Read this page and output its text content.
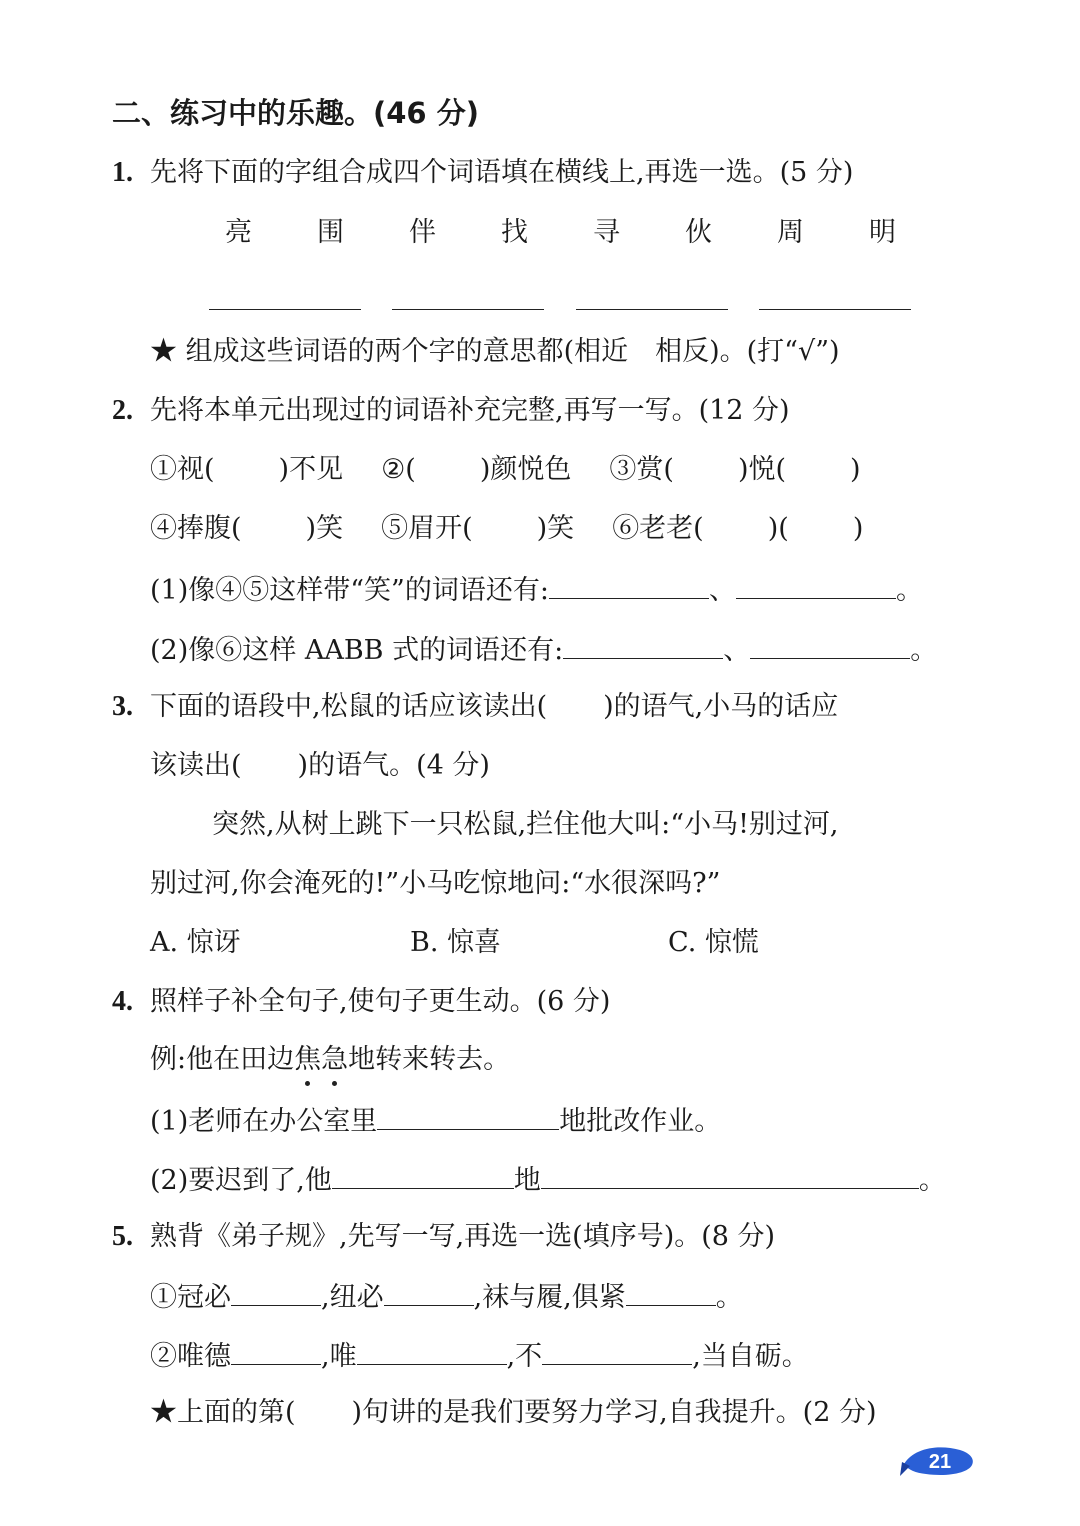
二、练习中的乐趣。(46 分)
1. 先将下面的字组合成四个词语填在横线上,再选一选。(5 分)
亮 围 伴 找 寻 伙 周 明
★ 组成这些词语的两个字的意思都(相近　相反)。(打“√”)
2. 先将本单元出现过的词语补充完整,再写一写。(12 分)
①视( )不见 ②( )颜悦色 ③赏( )悦( )
④捧腹( )笑 ⑤眉开( )笑 ⑥老老( )( )
(1)像④⑤这样带“笑”的词语还有:	、	。
(2)像⑥这样 AABB 式的词语还有:	、	。
3. 下面的语段中,松鼠的话应该读出( )的语气,小马的话应
该读出( )的语气。(4 分)
突然,从树上跳下一只松鼠,拦住他大叫:“小马!别过河,
别过河,你会淹死的!”小马吃惊地问:“水很深吗?”
A. 惊讶	B. 惊喜	C. 惊慌
4. 照样子补全句子,使句子更生动。(6 分)
例:他在田边焦急地转来转去。
(1)老师在办公室里	地批改作业。
(2)要迟到了,他	地	。
5. 熟背《弟子规》,先写一写,再选一选(填序号)。(8 分)
①冠必	,纽必	,袜与履,俱紧	。
②唯德	,唯	,不	,当自砺。
★上面的第( )句讲的是我们要努力学习,自我提升。(2 分)
21
